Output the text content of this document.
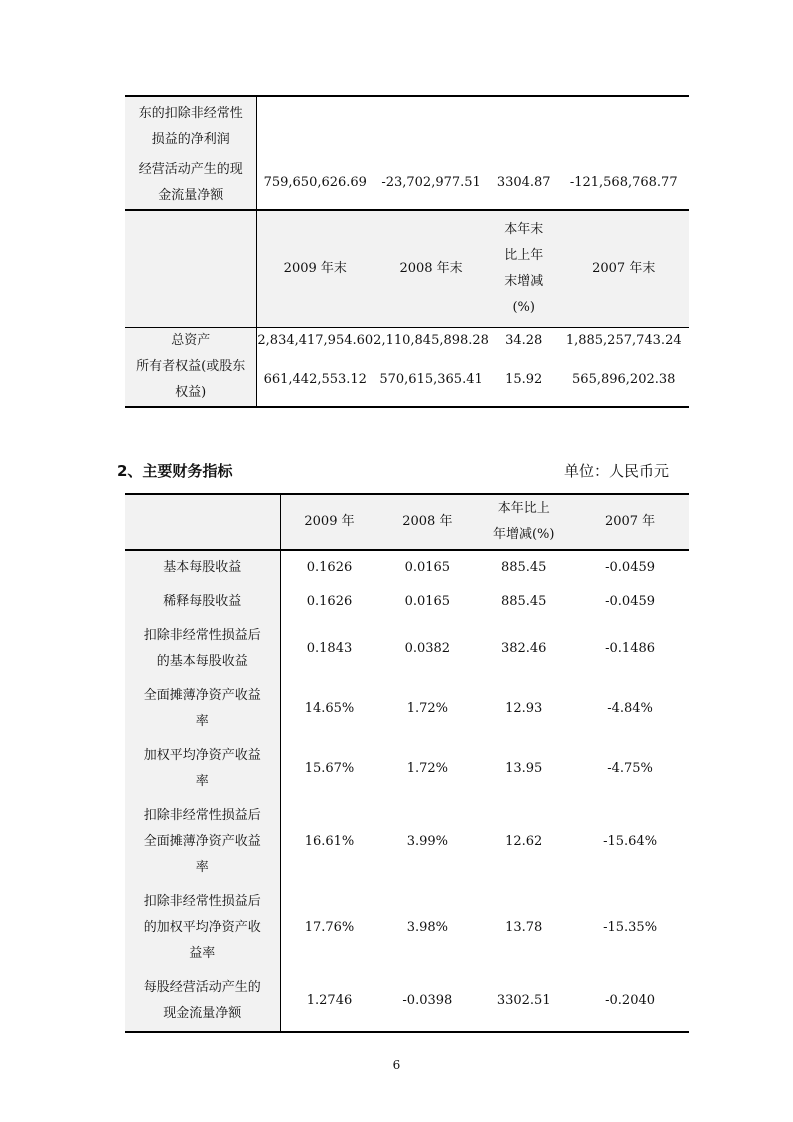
东的扣除非经常性
损益的净利润				

经营活动产生的现
金流量净额	759,650,626.69	-23,702,977.51	3304.87	-121,568,768.77
	2009 年末	2008 年末	本年末
比上年
末增减
(%)	2007 年末

总资产	2,834,417,954.60	2,110,845,898.28	34.28	1,885,257,743.24

所有者权益(或股东
权益)	661,442,553.12	570,615,365.41	15.92	565,896,202.38
2、主要财务指标	单位：人民币元
	2009 年	2008 年	本年比上
年增减(%)	2007 年

基本每股收益	0.1626	0.0165	885.45	-0.0459

稀释每股收益	0.1626	0.0165	885.45	-0.0459

扣除非经常性损益后
的基本每股收益	0.1843	0.0382	382.46	-0.1486

全面摊薄净资产收益
率	14.65%	1.72%	12.93	-4.84%

加权平均净资产收益
率	15.67%	1.72%	13.95	-4.75%

扣除非经常性损益后
全面摊薄净资产收益
率	16.61%	3.99%	12.62	-15.64%

扣除非经常性损益后
的加权平均净资产收
益率	17.76%	3.98%	13.78	-15.35%

每股经营活动产生的
现金流量净额	1.2746	-0.0398	3302.51	-0.2040
6
